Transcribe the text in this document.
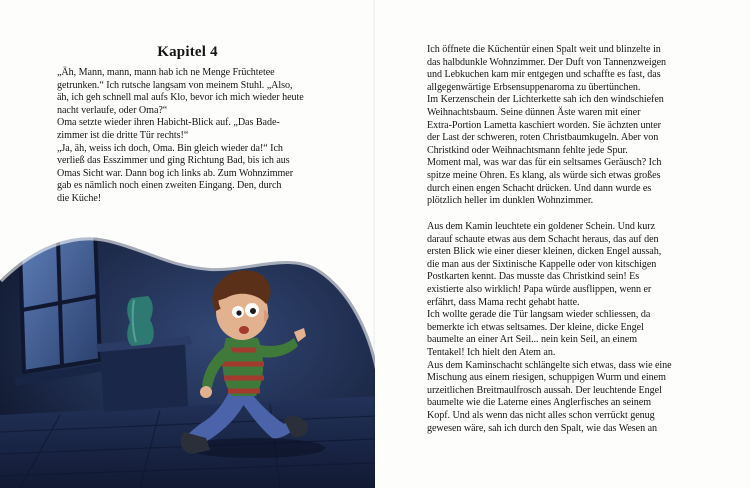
Kapitel 4
„Äh, Mann, mann, mann hab ich ne Menge Früchtetee
getrunken.“ Ich rutsche langsam von meinem Stuhl. „Also,
äh, ich geh schnell mal aufs Klo, bevor ich mich wieder heute
nacht verlaufe, oder Oma?“
Oma setzte wieder ihren Habicht-Blick auf. „Das Bade-
zimmer ist die dritte Tür rechts!“
„Ja, äh, weiss ich doch, Oma. Bin gleich wieder da!“ Ich
verließ das Esszimmer und ging Richtung Bad, bis ich aus
Omas Sicht war. Dann bog ich links ab. Zum Wohnzimmer
gab es nämlich noch einen zweiten Eingang. Den, durch
die Küche!
Ich öffnete die Küchentür einen Spalt weit und blinzelte in
das halbdunkle Wohnzimmer. Der Duft von Tannenzweigen
und Lebkuchen kam mir entgegen und schaffte es fast, das
allgegenwärtige Erbsensuppenaroma zu übertünchen.
Im Kerzenschein der Lichterkette sah ich den windschiefen
Weihnachtsbaum. Seine dünnen Äste waren mit einer
Extra-Portion Lametta kaschiert worden. Sie ächzten unter
der Last der schweren, roten Christbaumkugeln. Aber von
Christkind oder Weihnachtsmann fehlte jede Spur.
Moment mal, was war das für ein seltsames Geräusch? Ich
spitze meine Ohren. Es klang, als würde sich etwas großes
durch einen engen Schacht drücken. Und dann wurde es
plötzlich heller im dunklen Wohnzimmer.
Aus dem Kamin leuchtete ein goldener Schein. Und kurz
darauf schaute etwas aus dem Schacht heraus, das auf den
ersten Blick wie einer dieser kleinen, dicken Engel aussah,
die man aus der Sixtinische Kappelle oder von kitschigen
Postkarten kennt. Das musste das Christkind sein! Es
existierte also wirklich! Papa würde ausflippen, wenn er
erfährt, dass Mama recht gehabt hatte.
Ich wollte gerade die Tür langsam wieder schliessen, da
bemerkte ich etwas seltsames. Der kleine, dicke Engel
baumelte an einer Art Seil... nein kein Seil, an einem
Tentakel! Ich hielt den Atem an.
Aus dem Kaminschacht schlängelte sich etwas, dass wie eine
Mischung aus einem riesigen, schuppigen Wurm und einem
urzeitlichen Breitmaulfrosch aussah. Der leuchtende Engel
baumelte wie die Laterne eines Anglerfisches an seinem
Kopf. Und als wenn das nicht alles schon verrückt genug
gewesen wäre, sah ich durch den Spalt, wie das Wesen an
